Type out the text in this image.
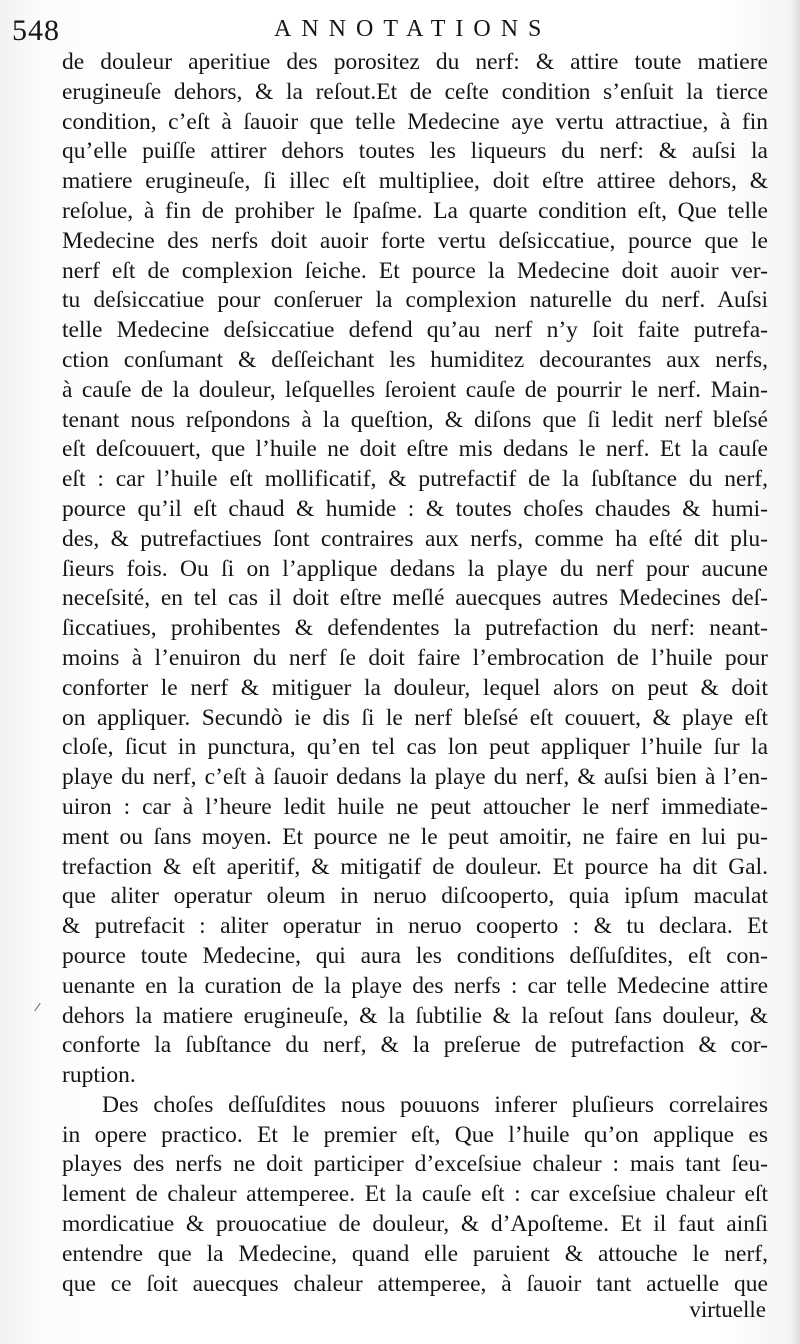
548	ANNOTATIONS
de douleur aperitiue des porositez du nerf: & attire toute matiere
erugineuſe dehors, & la reſout.Et de ceſte condition s’enſuit la tierce
condition, c’eſt à ſauoir que telle Medecine aye vertu attractiue, à fin
qu’elle puiſſe attirer dehors toutes les liqueurs du nerf: & auſsi la
matiere erugineuſe, ſi illec eſt multipliee, doit eſtre attiree dehors, &
reſolue, à fin de prohiber le ſpaſme. La quarte condition eſt, Que telle
Medecine des nerfs doit auoir forte vertu deſsiccatiue, pource que le
nerf eſt de complexion ſeiche. Et pource la Medecine doit auoir ver-
tu deſsiccatiue pour conſeruer la complexion naturelle du nerf. Auſsi
telle Medecine deſsiccatiue defend qu’au nerf n’y ſoit faite putrefa-
ction conſumant & deſſeichant les humiditez decourantes aux nerfs,
à cauſe de la douleur, leſquelles ſeroient cauſe de pourrir le nerf. Main-
tenant nous reſpondons à la queſtion, & diſons que ſi ledit nerf bleſsé
eſt deſcouuert, que l’huile ne doit eſtre mis dedans le nerf. Et la cauſe
eſt : car l’huile eſt mollificatif, & putrefactif de la ſubſtance du nerf,
pource qu’il eſt chaud & humide : & toutes choſes chaudes & humi-
des, & putrefactiues ſont contraires aux nerfs, comme ha eſté dit plu-
ſieurs fois. Ou ſi on l’applique dedans la playe du nerf pour aucune
neceſsité, en tel cas il doit eſtre meſlé auecques autres Medecines deſ-
ſiccatiues, prohibentes & defendentes la putrefaction du nerf: neant-
moins à l’enuiron du nerf ſe doit faire l’embrocation de l’huile pour
conforter le nerf & mitiguer la douleur, lequel alors on peut & doit
on appliquer. Secundò ie dis ſi le nerf bleſsé eſt couuert, & playe eſt
cloſe, ſicut in punctura, qu’en tel cas lon peut appliquer l’huile ſur la
playe du nerf, c’eſt à ſauoir dedans la playe du nerf, & auſsi bien à l’en-
uiron : car à l’heure ledit huile ne peut attoucher le nerf immediate-
ment ou ſans moyen. Et pource ne le peut amoitir, ne faire en lui pu-
trefaction & eſt aperitif, & mitigatif de douleur. Et pource ha dit Gal.
que aliter operatur oleum in neruo diſcooperto, quia ipſum maculat
& putrefacit : aliter operatur in neruo cooperto : & tu declara. Et
pource toute Medecine, qui aura les conditions deſſuſdites, eſt con-
uenante en la curation de la playe des nerfs : car telle Medecine attire
dehors la matiere erugineuſe, & la ſubtilie & la reſout ſans douleur, &
conforte la ſubſtance du nerf, & la preſerue de putrefaction & cor-
ruption.
Des choſes deſſuſdites nous pouuons inferer pluſieurs correlaires
in opere practico. Et le premier eſt, Que l’huile qu’on applique es
playes des nerfs ne doit participer d’exceſsiue chaleur : mais tant ſeu-
lement de chaleur attemperee. Et la cauſe eſt : car exceſsiue chaleur eſt
mordicatiue & prouocatiue de douleur, & d’Apoſteme. Et il faut ainſi
entendre que la Medecine, quand elle paruient & attouche le nerf,
que ce ſoit auecques chaleur attemperee, à ſauoir tant actuelle que
virtuelle
